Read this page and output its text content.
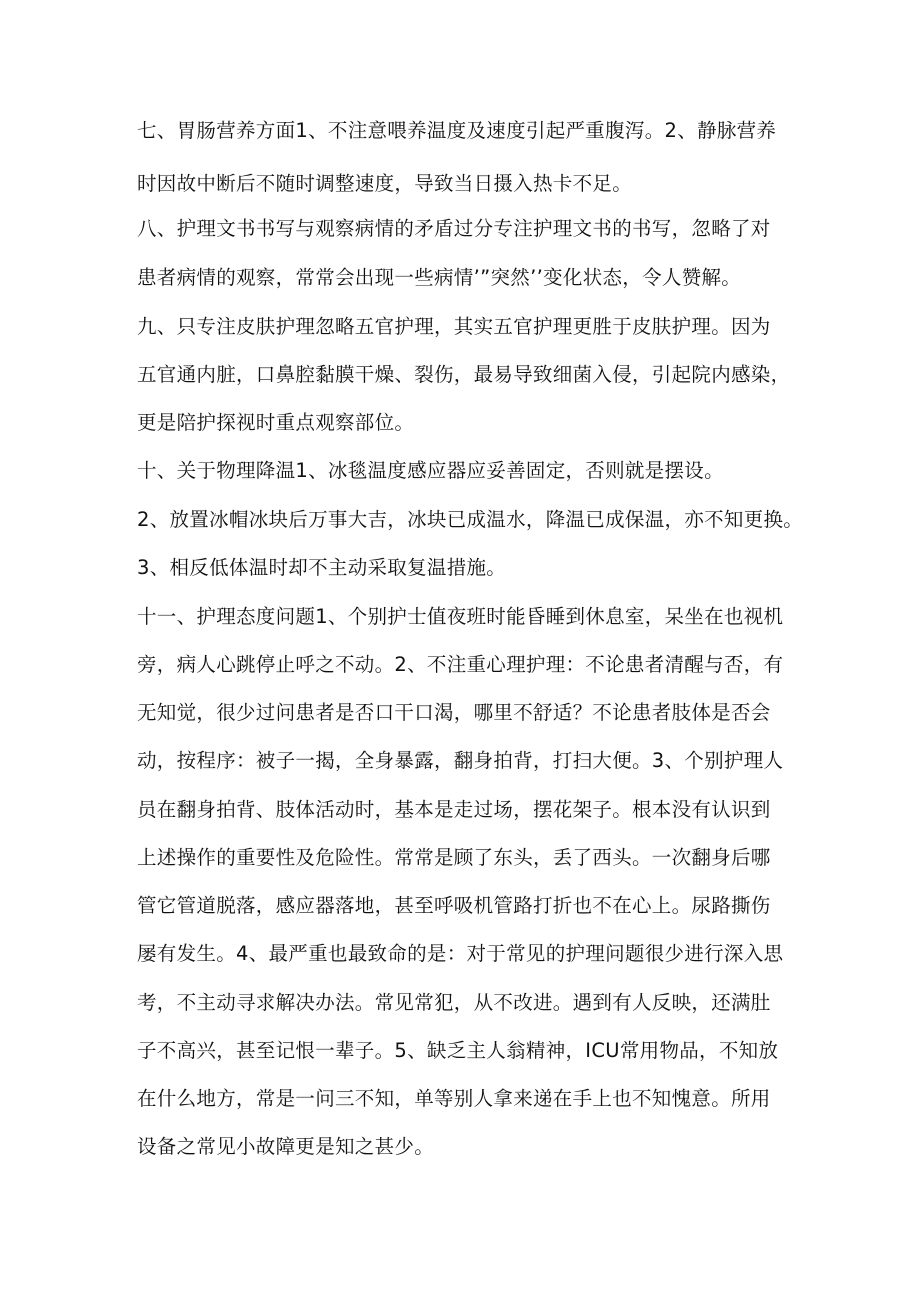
七、胃肠营养方面1、不注意喂养温度及速度引起严重腹泻。2、静脉营养
时因故中断后不随时调整速度，导致当日摄入热卡不足。
八、护理文书书写与观察病情的矛盾过分专注护理文书的书写，忽略了对
患者病情的观察，常常会出现一些病情’”突然’’变化状态，令人赞解。
九、只专注皮肤护理忽略五官护理，其实五官护理更胜于皮肤护理。因为
五官通内脏，口鼻腔黏膜干燥、裂伤，最易导致细菌入侵，引起院内感染，
更是陪护探视时重点观察部位。
十、关于物理降温1、冰毯温度感应器应妥善固定，否则就是摆设。
2、放置冰帽冰块后万事大吉，冰块已成温水，降温已成保温，亦不知更换。
3、相反低体温时却不主动采取复温措施。
十一、护理态度问题1、个别护士值夜班时能昏睡到休息室，呆坐在也视机
旁，病人心跳停止呼之不动。2、不注重心理护理：不论患者清醒与否，有
无知觉，很少过问患者是否口干口渴，哪里不舒适？不论患者肢体是否会
动，按程序：被子一揭，全身暴露，翻身拍背，打扫大便。3、个别护理人
员在翻身拍背、肢体活动时，基本是走过场，摆花架子。根本没有认识到
上述操作的重要性及危险性。常常是顾了东头，丢了西头。一次翻身后哪
管它管道脱落，感应器落地，甚至呼吸机管路打折也不在心上。尿路撕伤
屡有发生。4、最严重也最致命的是：对于常见的护理问题很少进行深入思
考，不主动寻求解决办法。常见常犯，从不改进。遇到有人反映，还满肚
子不高兴，甚至记恨一辈子。5、缺乏主人翁精神，ICU常用物品，不知放
在什么地方，常是一问三不知，单等别人拿来递在手上也不知愧意。所用
设备之常见小故障更是知之甚少。
